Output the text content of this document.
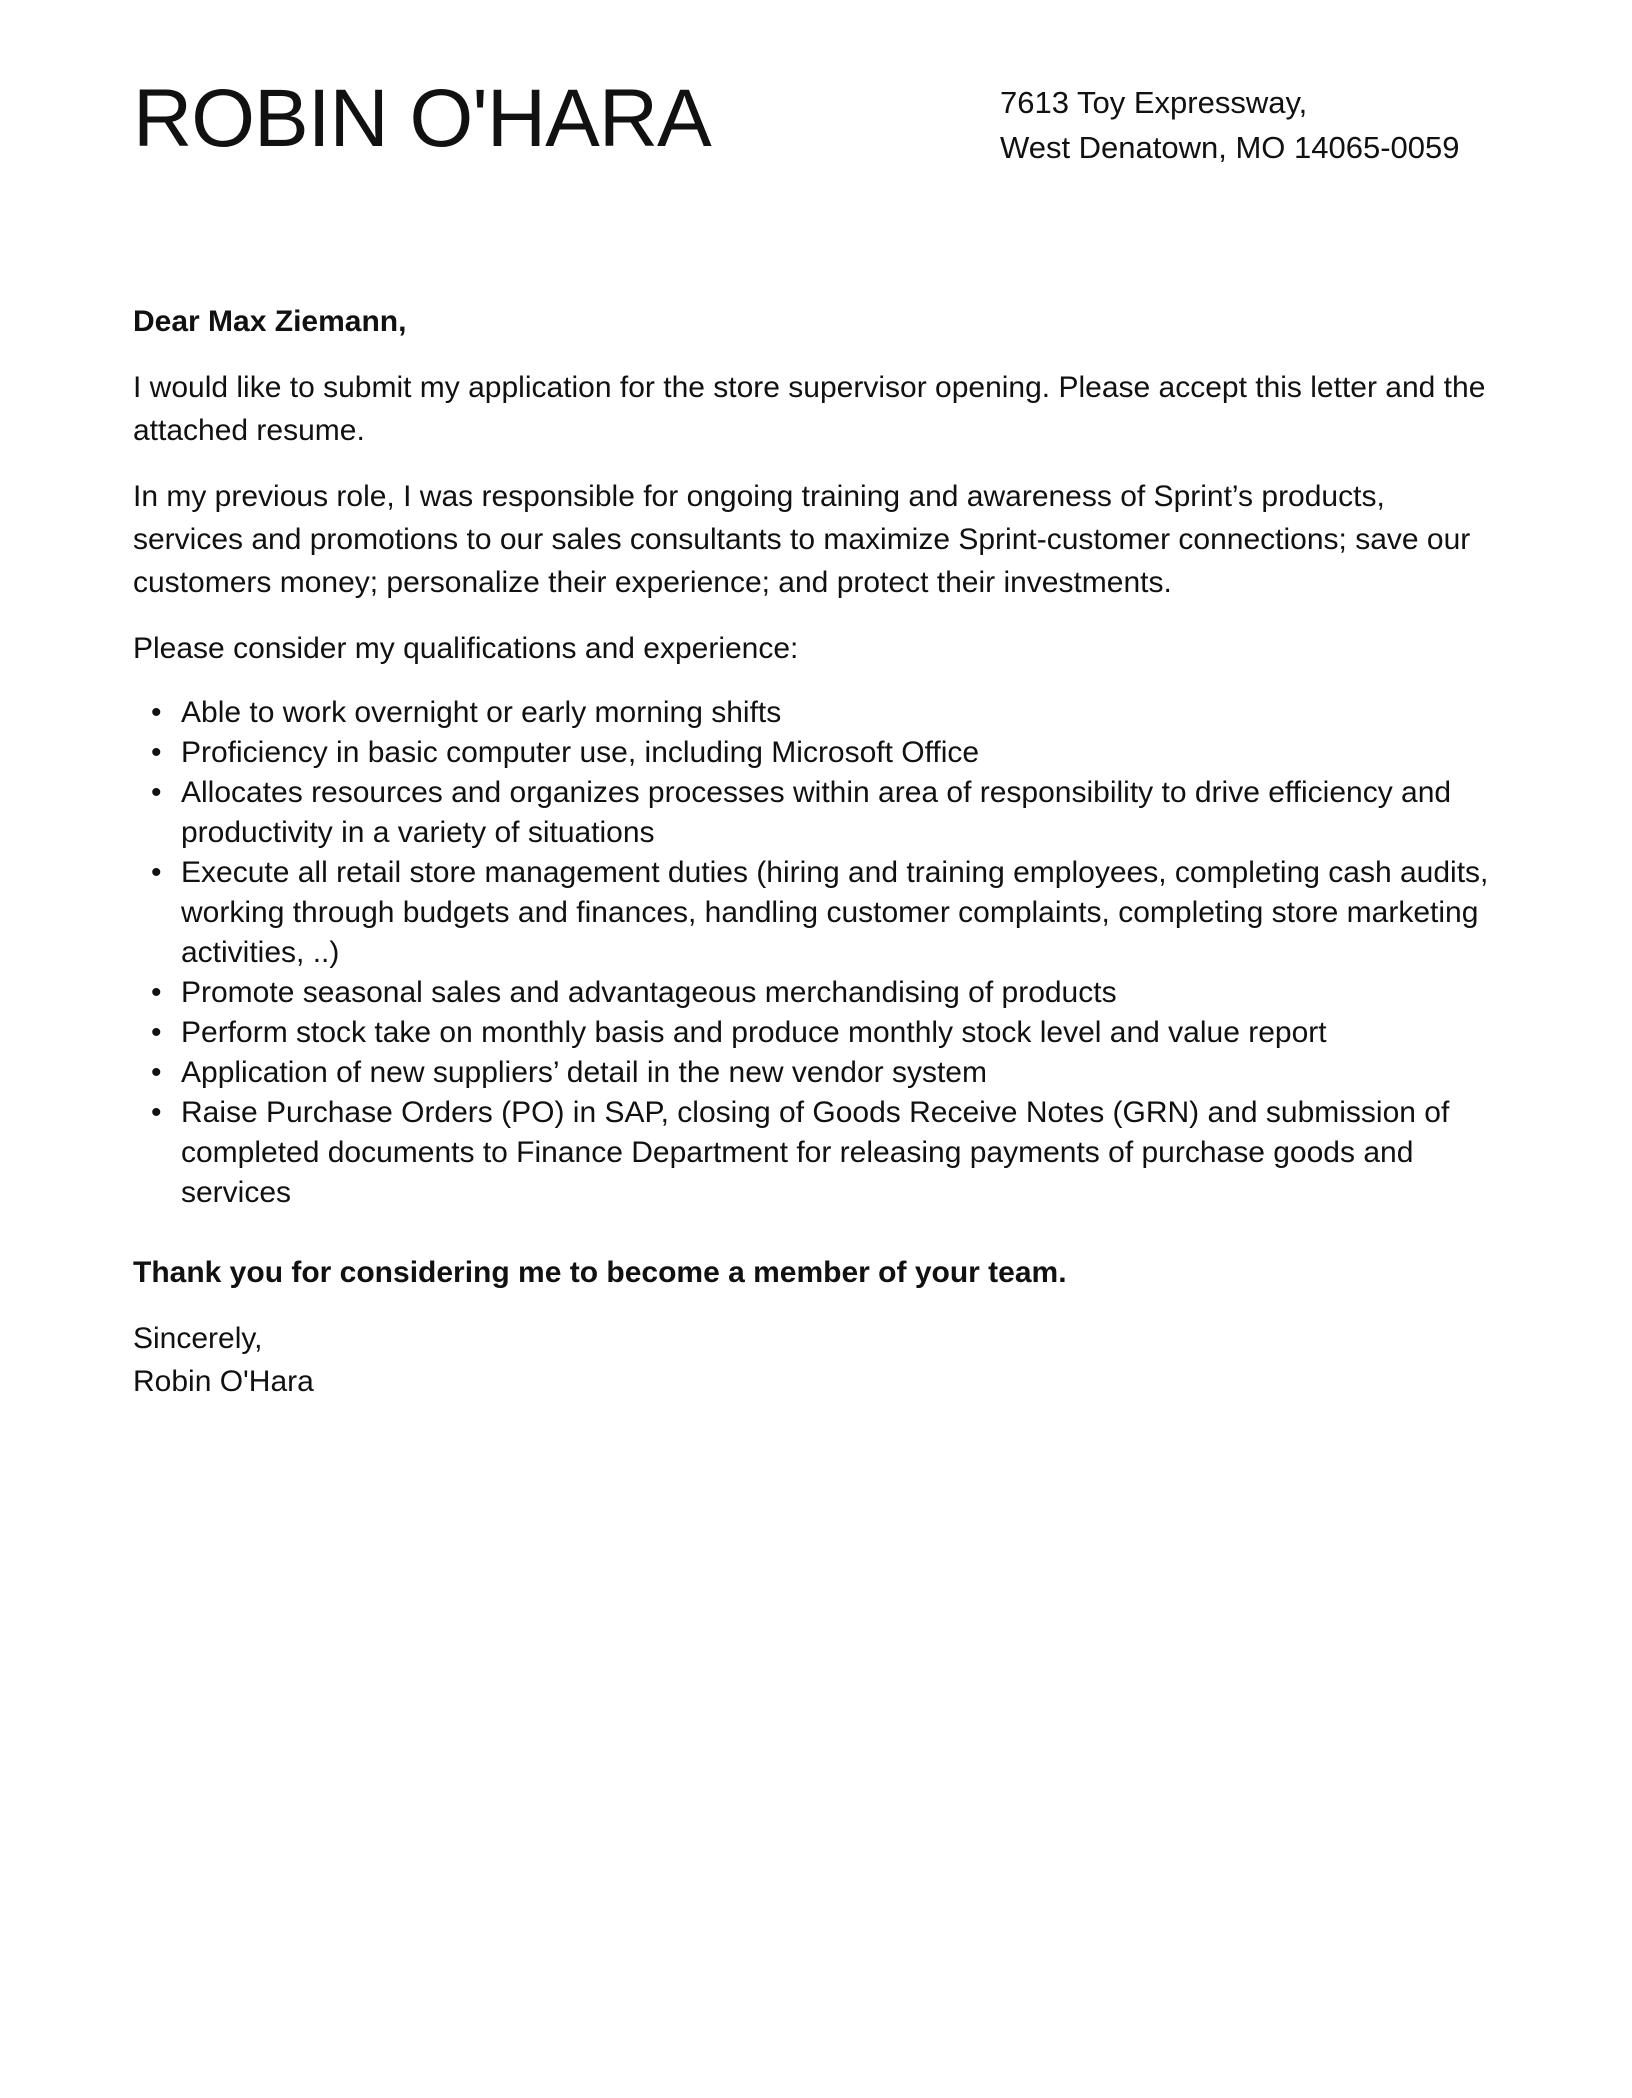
ROBIN O'HARA	7613 Toy Expressway,
West Denatown, MO 14065-0059

Dear Max Ziemann,

I would like to submit my application for the store supervisor opening. Please accept this letter and the attached resume.

In my previous role, I was responsible for ongoing training and awareness of Sprint’s products, services and promotions to our sales consultants to maximize Sprint-customer connections; save our customers money; personalize their experience; and protect their investments.

Please consider my qualifications and experience:

• Able to work overnight or early morning shifts
• Proficiency in basic computer use, including Microsoft Office
• Allocates resources and organizes processes within area of responsibility to drive efficiency and productivity in a variety of situations
• Execute all retail store management duties (hiring and training employees, completing cash audits, working through budgets and finances, handling customer complaints, completing store marketing activities, ..)
• Promote seasonal sales and advantageous merchandising of products
• Perform stock take on monthly basis and produce monthly stock level and value report
• Application of new suppliers’ detail in the new vendor system
• Raise Purchase Orders (PO) in SAP, closing of Goods Receive Notes (GRN) and submission of completed documents to Finance Department for releasing payments of purchase goods and services

Thank you for considering me to become a member of your team.

Sincerely,
Robin O'Hara
